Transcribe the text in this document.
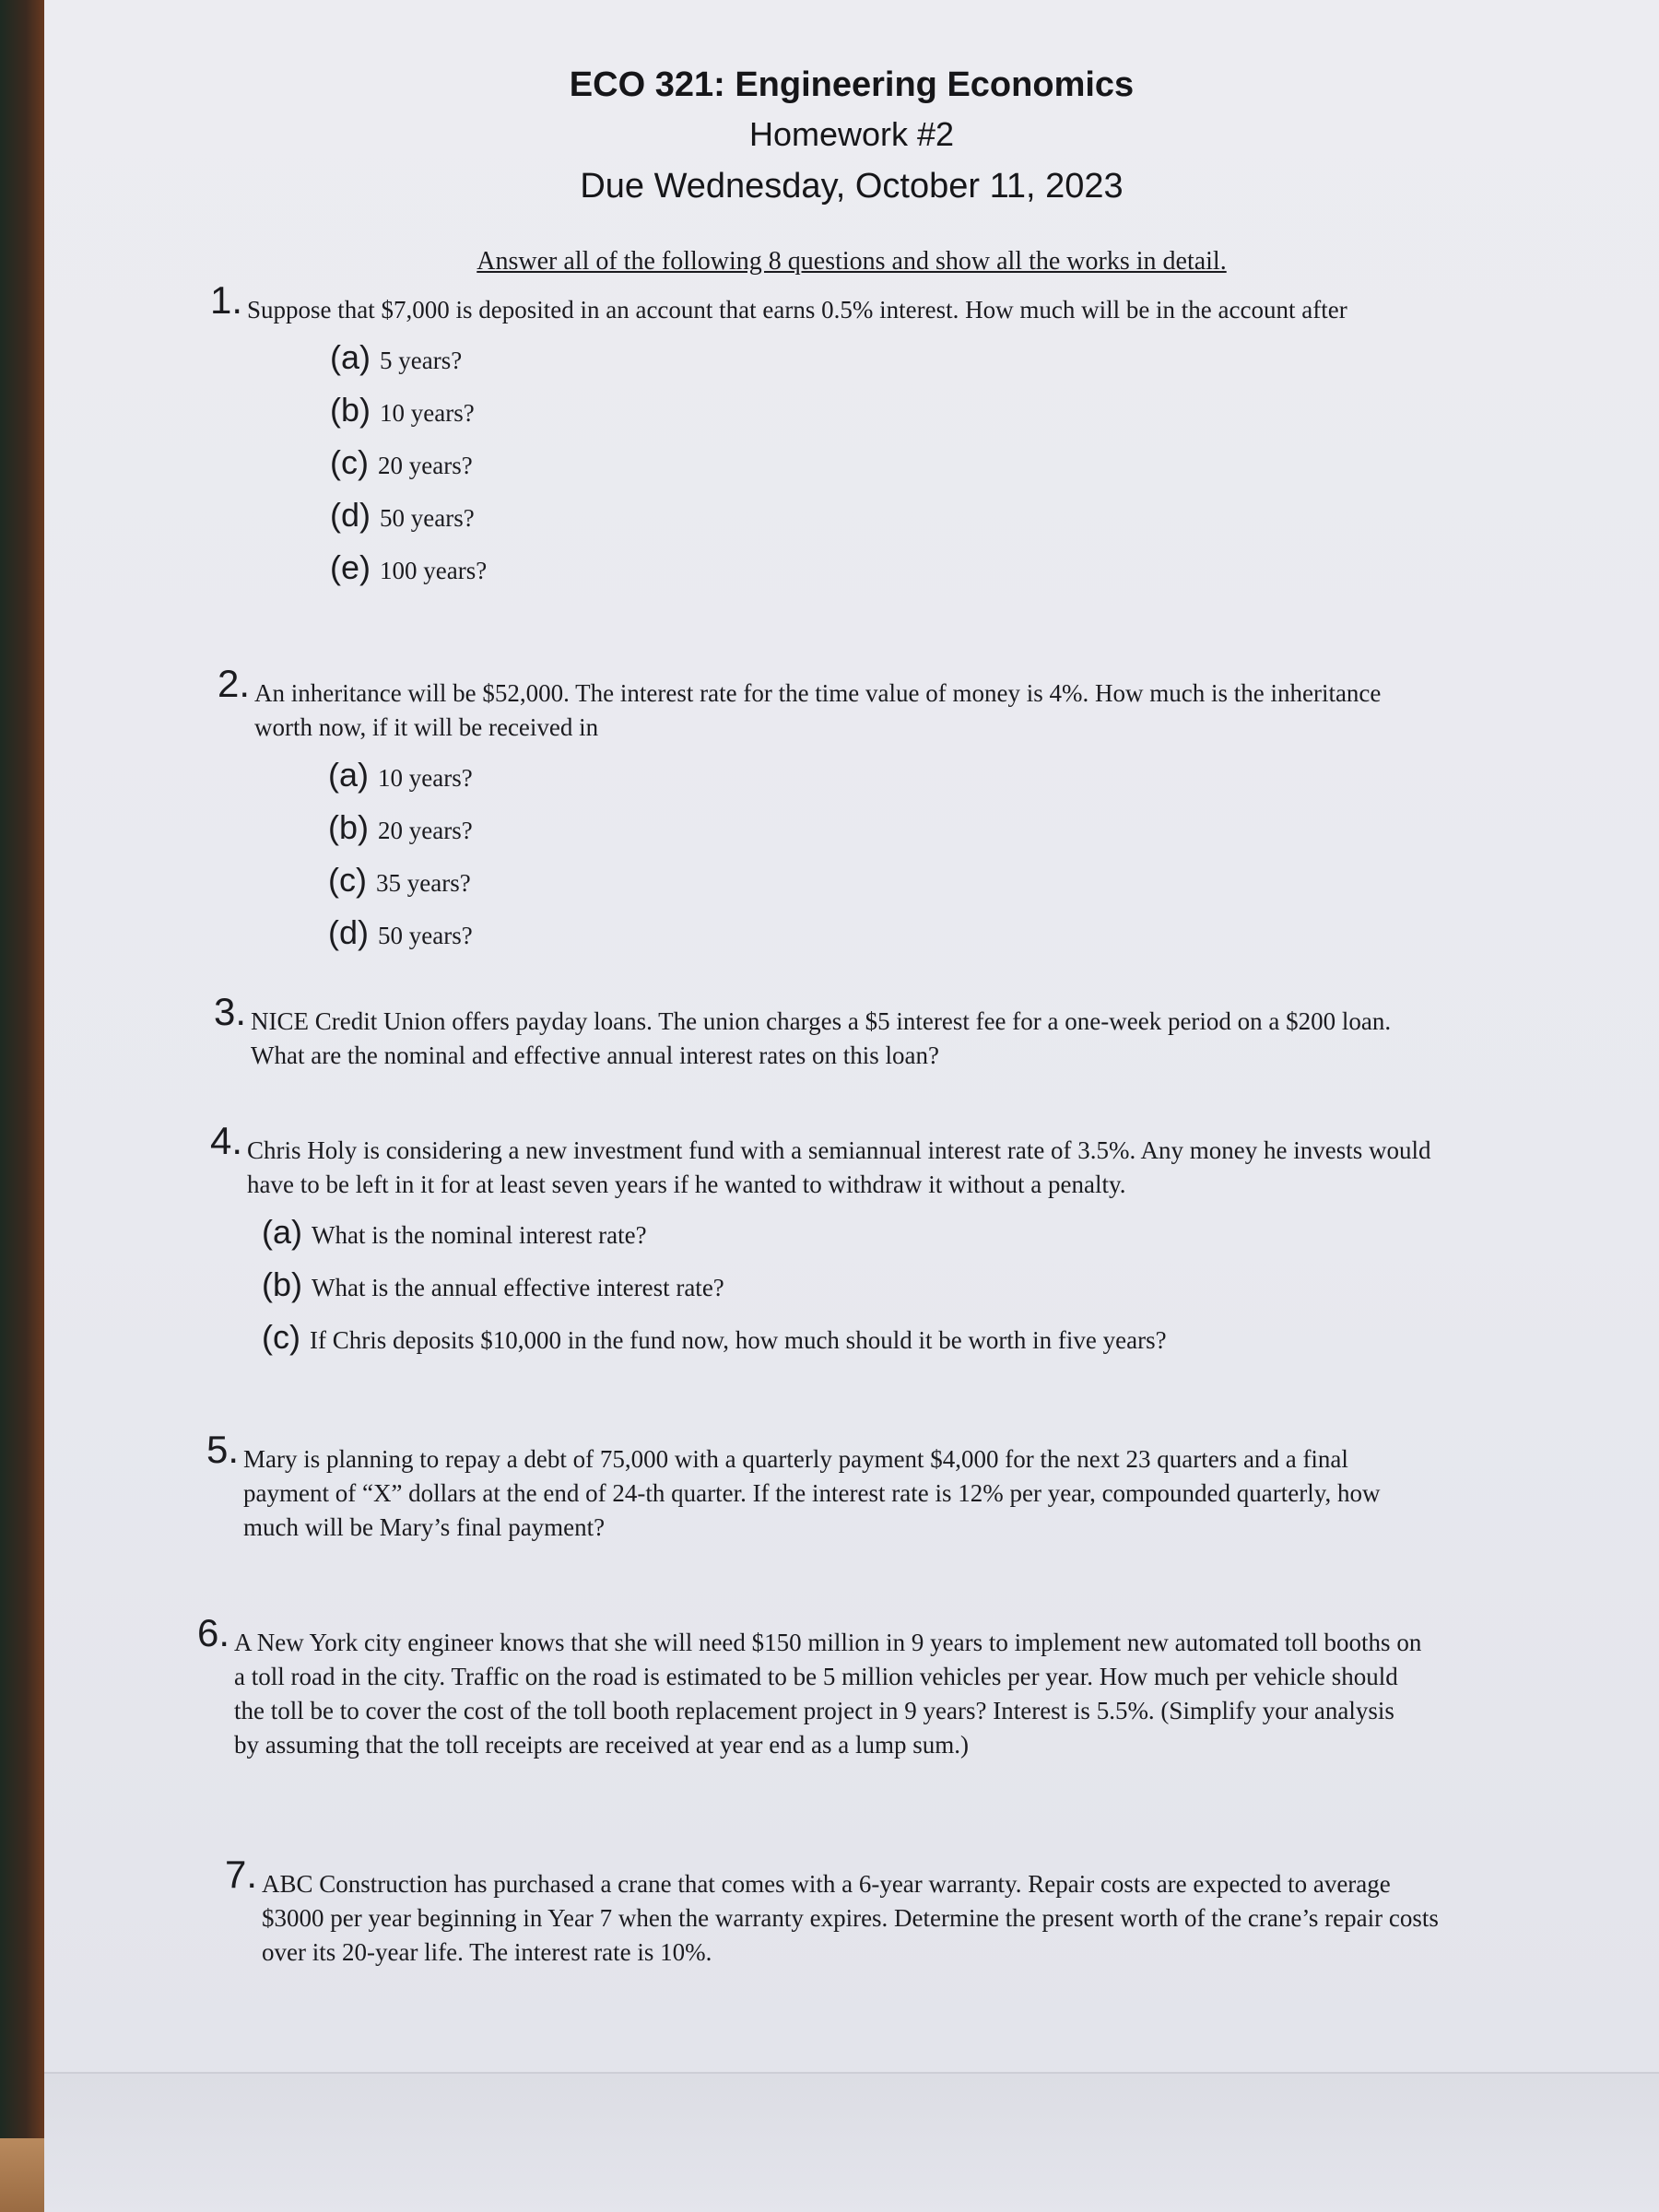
ECO 321: Engineering Economics
Homework #2
Due Wednesday, October 11, 2023
Answer all of the following 8 questions and show all the works in detail.
1. Suppose that $7,000 is deposited in an account that earns 0.5% interest. How much will be in the account after
(a) 5 years?
(b) 10 years?
(c) 20 years?
(d) 50 years?
(e) 100 years?
2. An inheritance will be $52,000. The interest rate for the time value of money is 4%. How much is the inheritance worth now, if it will be received in
(a) 10 years?
(b) 20 years?
(c) 35 years?
(d) 50 years?
3. NICE Credit Union offers payday loans. The union charges a $5 interest fee for a one-week period on a $200 loan. What are the nominal and effective annual interest rates on this loan?
4. Chris Holy is considering a new investment fund with a semiannual interest rate of 3.5%. Any money he invests would have to be left in it for at least seven years if he wanted to withdraw it without a penalty.
(a) What is the nominal interest rate?
(b) What is the annual effective interest rate?
(c) If Chris deposits $10,000 in the fund now, how much should it be worth in five years?
5. Mary is planning to repay a debt of 75,000 with a quarterly payment $4,000 for the next 23 quarters and a final payment of “X” dollars at the end of 24-th quarter. If the interest rate is 12% per year, compounded quarterly, how much will be Mary’s final payment?
6. A New York city engineer knows that she will need $150 million in 9 years to implement new automated toll booths on a toll road in the city. Traffic on the road is estimated to be 5 million vehicles per year. How much per vehicle should the toll be to cover the cost of the toll booth replacement project in 9 years? Interest is 5.5%. (Simplify your analysis by assuming that the toll receipts are received at year end as a lump sum.)
7. ABC Construction has purchased a crane that comes with a 6-year warranty. Repair costs are expected to average $3000 per year beginning in Year 7 when the warranty expires. Determine the present worth of the crane’s repair costs over its 20-year life. The interest rate is 10%.
